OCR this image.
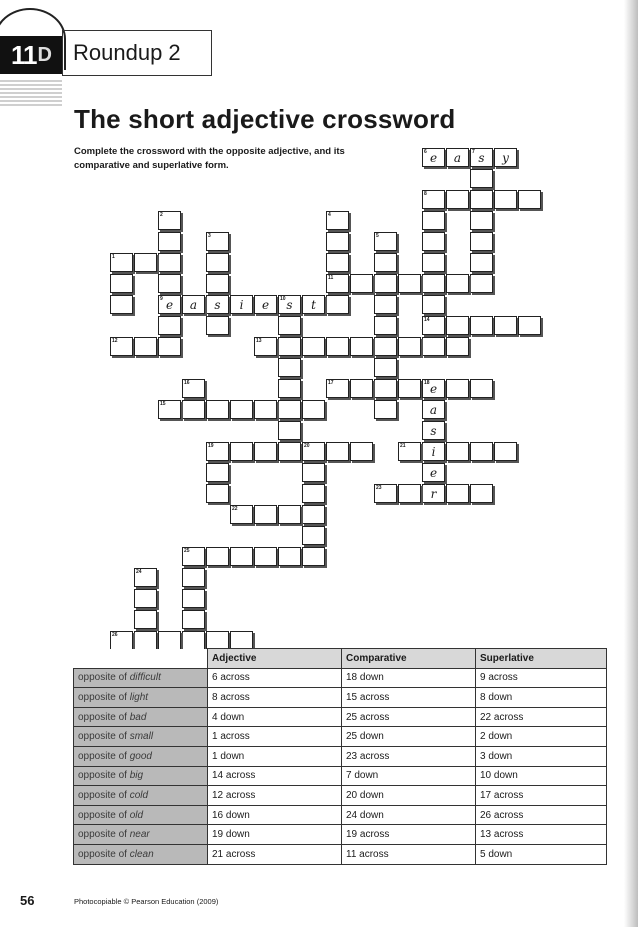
11 D	Roundup 2
The short adjective crossword
Complete the crossword with the opposite adjective, and its comparative and superlative form.
6 e	a	7 s	y
8
14
2
9 e
3
s
4
11
5
1
a	i	e	10 s	t
12	13
16	17	18 e
a
s
i
e
r
15
19	20	21
22
23
25
24
26
	Adjective	Comparative	Superlative
opposite of difficult	6 across	18 down	9 across
opposite of light	8 across	15 across	8 down
opposite of bad	4 down	25 across	22 across
opposite of small	1 across	25 down	2 down
opposite of good	1 down	23 across	3 down
opposite of big	14 across	7 down	10 down
opposite of cold	12 across	20 down	17 across
opposite of old	16 down	24 down	26 across
opposite of near	19 down	19 across	13 across
opposite of clean	21 across	11 across	5 down
56	Photocopiable © Pearson Education (2009)
